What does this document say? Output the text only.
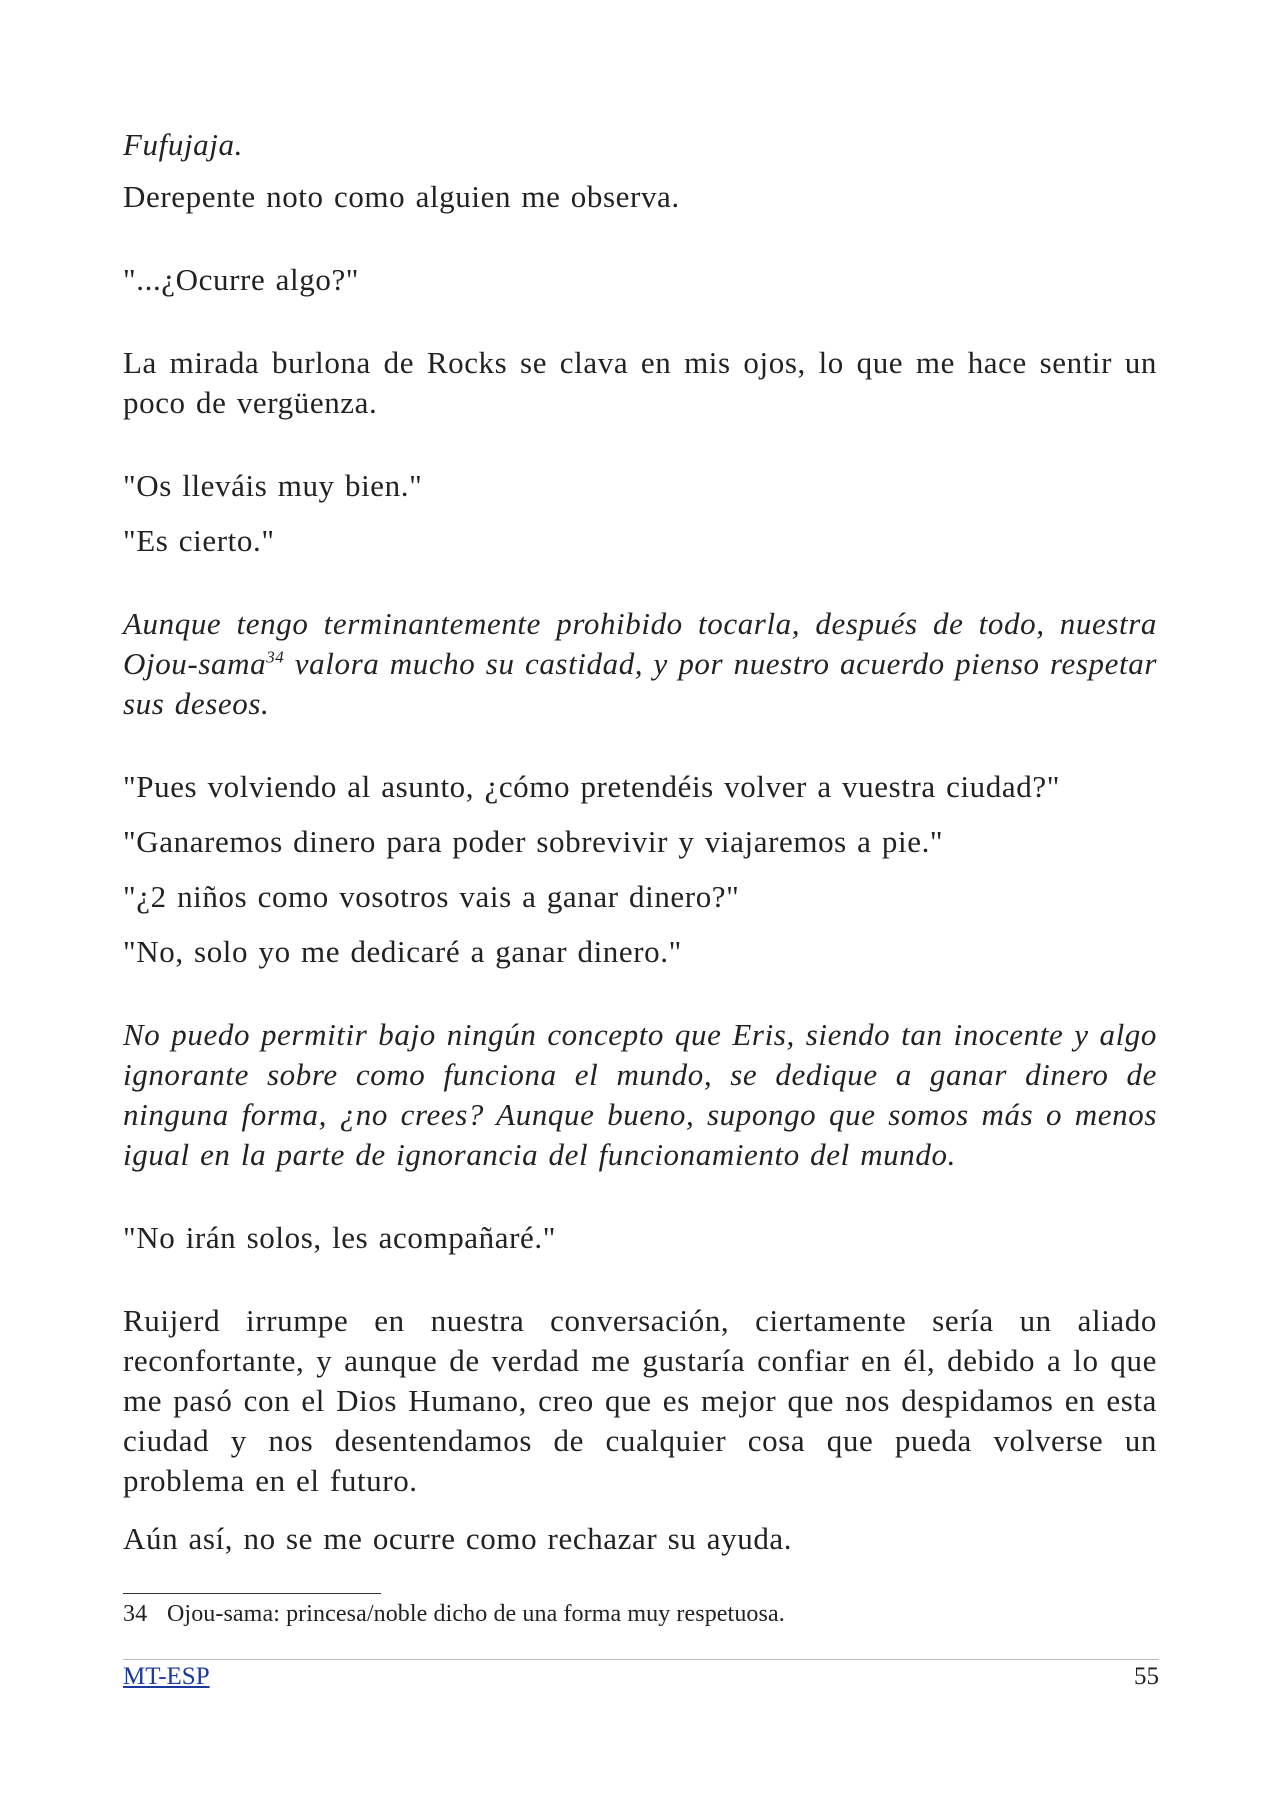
Fufujaja.

Derepente noto como alguien me observa.

"...¿Ocurre algo?"

La mirada burlona de Rocks se clava en mis ojos, lo que me hace sentir un poco de vergüenza.

"Os lleváis muy bien."

"Es cierto."

Aunque tengo terminantemente prohibido tocarla, después de todo, nuestra Ojou-sama$^{34}$ valora mucho su castidad, y por nuestro acuerdo pienso respetar sus deseos.

"Pues volviendo al asunto, ¿cómo pretendéis volver a vuestra ciudad?"

"Ganaremos dinero para poder sobrevivir y viajaremos a pie."

"¿2 niños como vosotros vais a ganar dinero?"

"No, solo yo me dedicaré a ganar dinero."

No puedo permitir bajo ningún concepto que Eris, siendo tan inocente y algo ignorante sobre como funciona el mundo, se dedique a ganar dinero de ninguna forma, ¿no crees? Aunque bueno, supongo que somos más o menos igual en la parte de ignorancia del funcionamiento del mundo.

"No irán solos, les acompañaré."

Ruijerd irrumpe en nuestra conversación, ciertamente sería un aliado reconfortante, y aunque de verdad me gustaría confiar en él, debido a lo que me pasó con el Dios Humano, creo que es mejor que nos despidamos en esta ciudad y nos desentendamos de cualquier cosa que pueda volverse un problema en el futuro.

Aún así, no se me ocurre como rechazar su ayuda.

34 Ojou-sama: princesa/noble dicho de una forma muy respetuosa.

MT-ESP	55
